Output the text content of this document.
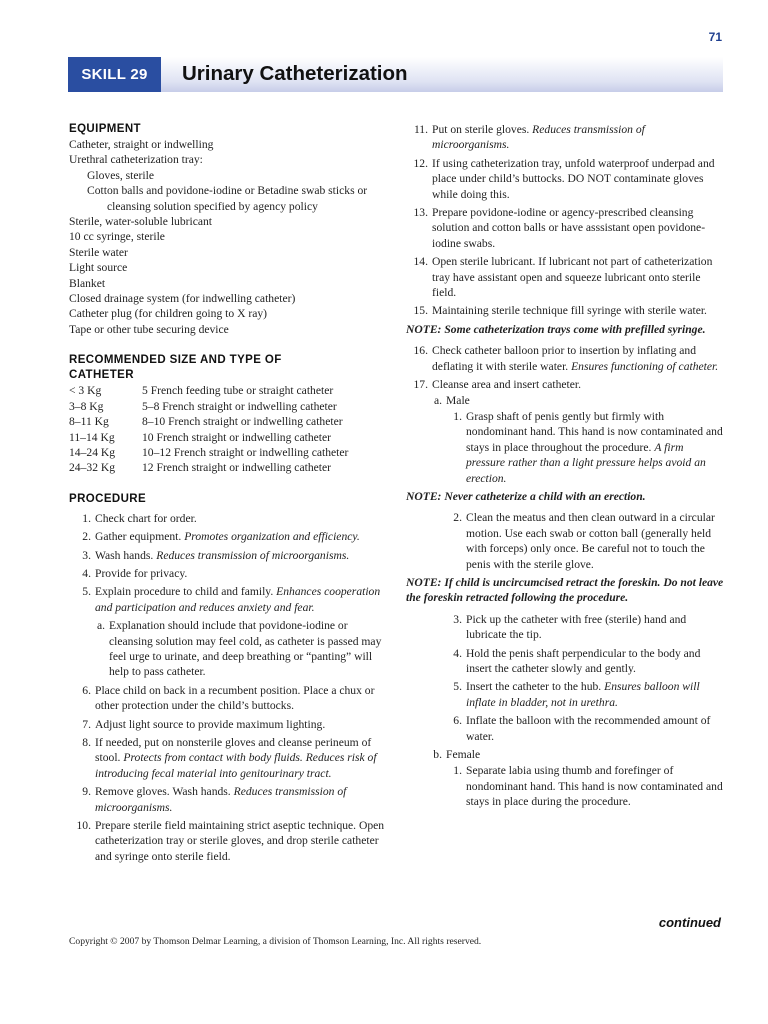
71
SKILL 29	Urinary Catheterization
EQUIPMENT
Catheter, straight or indwelling
Urethral catheterization tray:
Gloves, sterile
Cotton balls and povidone-iodine or Betadine swab sticks or cleansing solution specified by agency policy
Sterile, water-soluble lubricant
10 cc syringe, sterile
Sterile water
Light source
Blanket
Closed drainage system (for indwelling catheter)
Catheter plug (for children going to X ray)
Tape or other tube securing device
RECOMMENDED SIZE AND TYPE OF
CATHETER
< 3 Kg	5 French feeding tube or straight catheter
3–8 Kg	5–8 French straight or indwelling catheter
8–11 Kg	8–10 French straight or indwelling catheter
11–14 Kg	10 French straight or indwelling catheter
14–24 Kg	10–12 French straight or indwelling catheter
24–32 Kg	12 French straight or indwelling catheter
PROCEDURE
1. Check chart for order.
2. Gather equipment. Promotes organization and efficiency.
3. Wash hands. Reduces transmission of microorganisms.
4. Provide for privacy.
5. Explain procedure to child and family. Enhances cooperation and participation and reduces anxiety and fear.
a. Explanation should include that povidone-iodine or cleansing solution may feel cold, as catheter is passed may feel urge to urinate, and deep breathing or “panting” will help to pass catheter.
6. Place child on back in a recumbent position. Place a chux or other protection under the child’s buttocks.
7. Adjust light source to provide maximum lighting.
8. If needed, put on nonsterile gloves and cleanse perineum of stool. Protects from contact with body fluids. Reduces risk of introducing fecal material into genitourinary tract.
9. Remove gloves. Wash hands. Reduces transmission of microorganisms.
10. Prepare sterile field maintaining strict aseptic technique. Open catheterization tray or sterile gloves, and drop sterile catheter and syringe onto sterile field.
11. Put on sterile gloves. Reduces transmission of microorganisms.
12. If using catheterization tray, unfold waterproof underpad and place under child’s buttocks. DO NOT contaminate gloves while doing this.
13. Prepare povidone-iodine or agency-prescribed cleansing solution and cotton balls or have asssistant open povidone-iodine swabs.
14. Open sterile lubricant. If lubricant not part of catheterization tray have assistant open and squeeze lubricant onto sterile field.
15. Maintaining sterile technique fill syringe with sterile water.
NOTE: Some catheterization trays come with prefilled syringe.
16. Check catheter balloon prior to insertion by inflating and deflating it with sterile water. Ensures functioning of catheter.
17. Cleanse area and insert catheter.
a. Male
1. Grasp shaft of penis gently but firmly with nondominant hand. This hand is now contaminated and stays in place throughout the procedure. A firm pressure rather than a light pressure helps avoid an erection.
NOTE: Never catheterize a child with an erection.
2. Clean the meatus and then clean outward in a circular motion. Use each swab or cotton ball (generally held with forceps) only once. Be careful not to touch the penis with the sterile glove.
NOTE: If child is uncircumcised retract the foreskin. Do not leave the foreskin retracted following the procedure.
3. Pick up the catheter with free (sterile) hand and lubricate the tip.
4. Hold the penis shaft perpendicular to the body and insert the catheter slowly and gently.
5. Insert the catheter to the hub. Ensures balloon will inflate in bladder, not in urethra.
6. Inflate the balloon with the recommended amount of water.
b. Female
1. Separate labia using thumb and forefinger of nondominant hand. This hand is now contaminated and stays in place during the procedure.
continued
Copyright © 2007 by Thomson Delmar Learning, a division of Thomson Learning, Inc. All rights reserved.
